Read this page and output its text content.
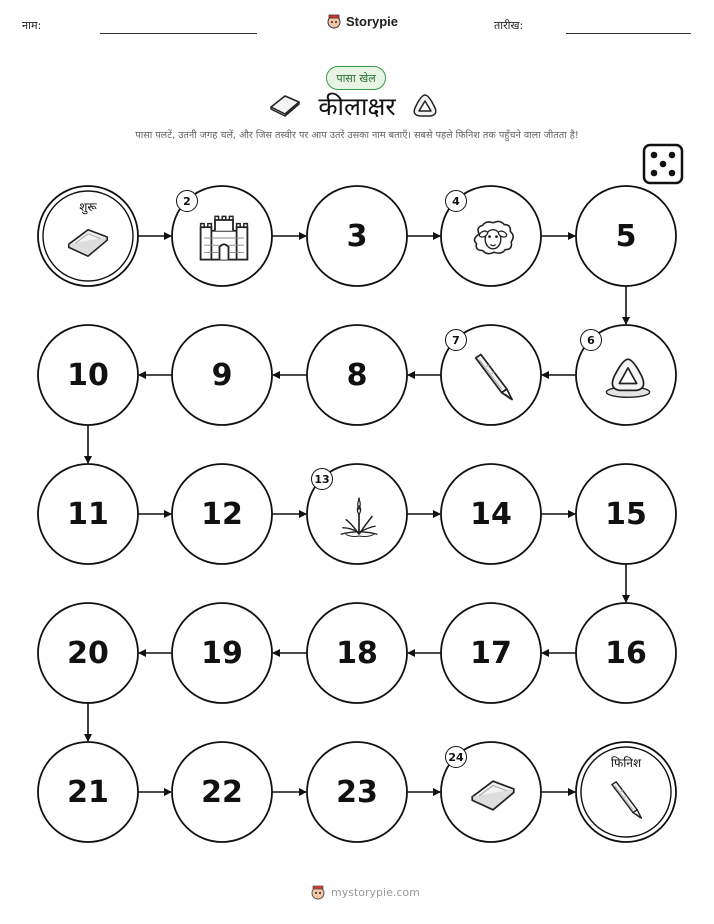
नाम:	Storypie	तारीख:
पासा खेल
कीलाक्षर
पासा पलटें, उतनी जगह चलें, और जिस तस्वीर पर आप उतरें उसका नाम बताएँ। सबसे पहले फिनिश तक पहुँचने वाला जीतता है!
शुरू
फिनिश
2
3
4
5
6
7
8
9
10
11	12
13
14	15
16
17
18
19
20
21	22	23
24
mystorypie.com
